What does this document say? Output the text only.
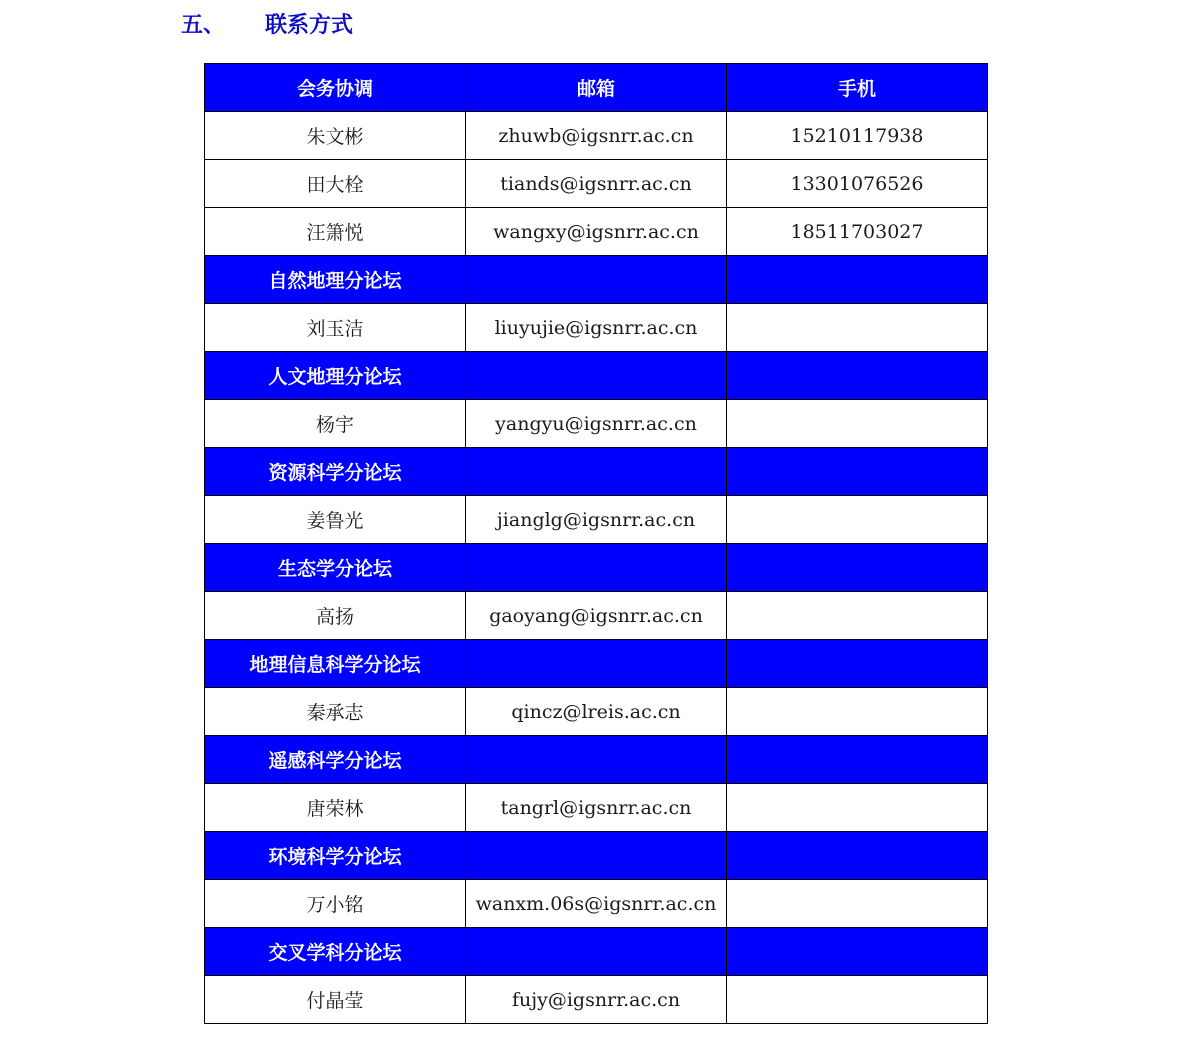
五、 联系方式
会务协调	邮箱	手机
朱文彬	zhuwb@igsnrr.ac.cn	15210117938
田大栓	tiands@igsnrr.ac.cn	13301076526
汪箫悦	wangxy@igsnrr.ac.cn	18511703027
自然地理分论坛		
刘玉洁	liuyujie@igsnrr.ac.cn	
人文地理分论坛		
杨宇	yangyu@igsnrr.ac.cn	
资源科学分论坛		
姜鲁光	jianglg@igsnrr.ac.cn	
生态学分论坛		
高扬	gaoyang@igsnrr.ac.cn	
地理信息科学分论坛		
秦承志	qincz@lreis.ac.cn	
遥感科学分论坛		
唐荣林	tangrl@igsnrr.ac.cn	
环境科学分论坛		
万小铭	wanxm.06s@igsnrr.ac.cn	
交叉学科分论坛		
付晶莹	fujy@igsnrr.ac.cn	
